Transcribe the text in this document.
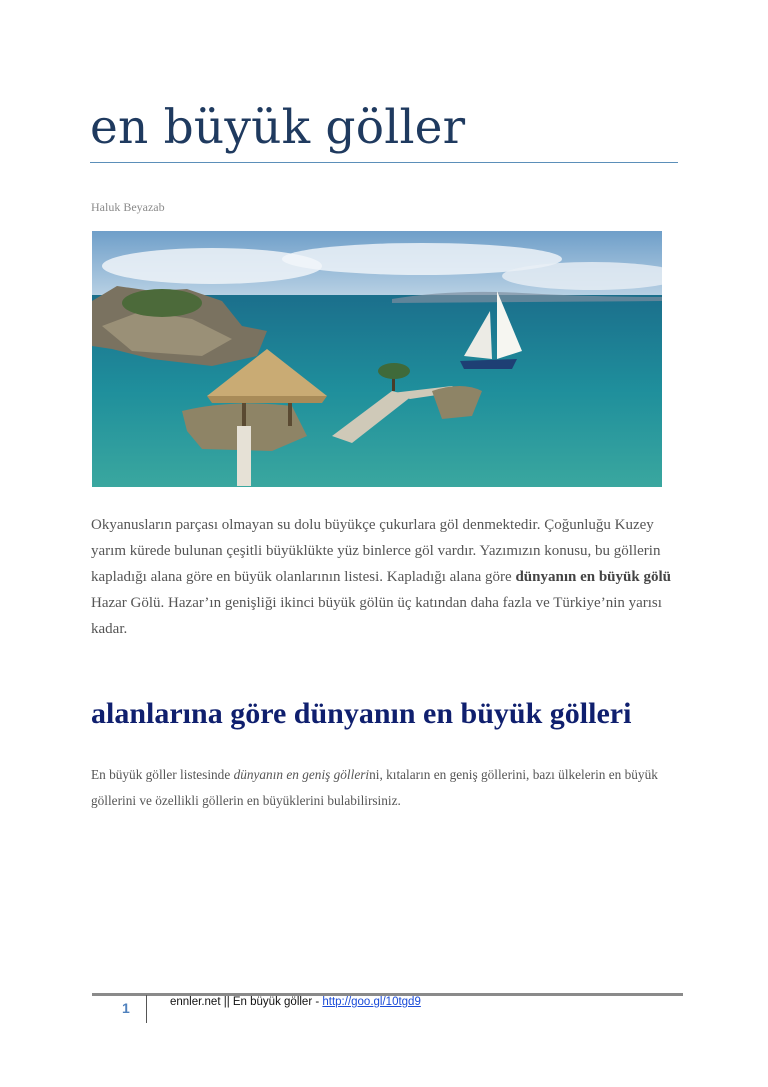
en büyük göller
Haluk Beyazab

Okyanusların parçası olmayan su dolu büyükçe çukurlara göl denmektedir. Çoğunluğu Kuzey yarım kürede bulunan çeşitli büyüklükte yüz binlerce göl vardır. Yazımızın konusu, bu göllerin kapladığı alana göre en büyük olanlarının listesi. Kapladığı alana göre dünyanın en büyük gölü Hazar Gölü. Hazar’ın genişliği ikinci büyük gölün üç katından daha fazla ve Türkiye’nin yarısı kadar.

alanlarına göre dünyanın en büyük gölleri

En büyük göller listesinde dünyanın en geniş göllerini, kıtaların en geniş göllerini, bazı ülkelerin en büyük göllerini ve özellikli göllerin en büyüklerini bulabilirsiniz.

1	ennler.net || En büyük göller - http://goo.gl/10tgd9
